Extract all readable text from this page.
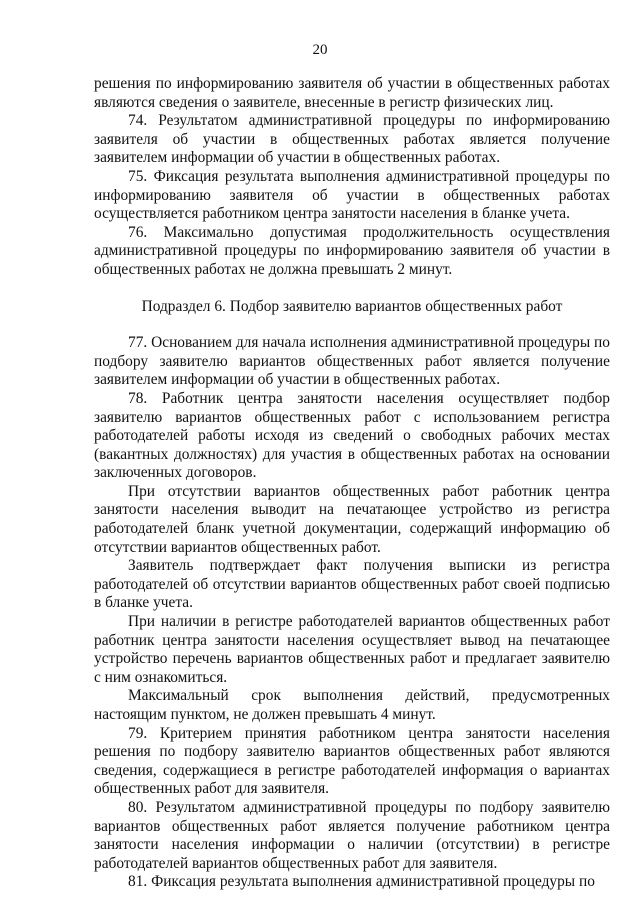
20

решения по информированию заявителя об участии в общественных работах являются сведения о заявителе, внесенные в регистр физических лиц.

74. Результатом административной процедуры по информированию заявителя об участии в общественных работах является получение заявителем информации об участии в общественных работах.

75. Фиксация результата выполнения административной процедуры по информированию заявителя об участии в общественных работах осуществляется работником центра занятости населения в бланке учета.

76. Максимально допустимая продолжительность осуществления административной процедуры по информированию заявителя об участии в общественных работах не должна превышать 2 минут.

Подраздел 6. Подбор заявителю вариантов общественных работ

77. Основанием для начала исполнения административной процедуры по подбору заявителю вариантов общественных работ является получение заявителем информации об участии в общественных работах.

78. Работник центра занятости населения осуществляет подбор заявителю вариантов общественных работ с использованием регистра работодателей работы исходя из сведений о свободных рабочих местах (вакантных должностях) для участия в общественных работах на основании заключенных договоров.

При отсутствии вариантов общественных работ работник центра занятости населения выводит на печатающее устройство из регистра работодателей бланк учетной документации, содержащий информацию об отсутствии вариантов общественных работ.

Заявитель подтверждает факт получения выписки из регистра работодателей об отсутствии вариантов общественных работ своей подписью в бланке учета.

При наличии в регистре работодателей вариантов общественных работ работник центра занятости населения осуществляет вывод на печатающее устройство перечень вариантов общественных работ и предлагает заявителю с ним ознакомиться.

Максимальный срок выполнения действий, предусмотренных настоящим пунктом, не должен превышать 4 минут.

79. Критерием принятия работником центра занятости населения решения по подбору заявителю вариантов общественных работ являются сведения, содержащиеся в регистре работодателей информация о вариантах общественных работ для заявителя.

80. Результатом административной процедуры по подбору заявителю вариантов общественных работ является получение работником центра занятости населения информации о наличии (отсутствии) в регистре работодателей вариантов общественных работ для заявителя.

81. Фиксация результата выполнения административной процедуры по
